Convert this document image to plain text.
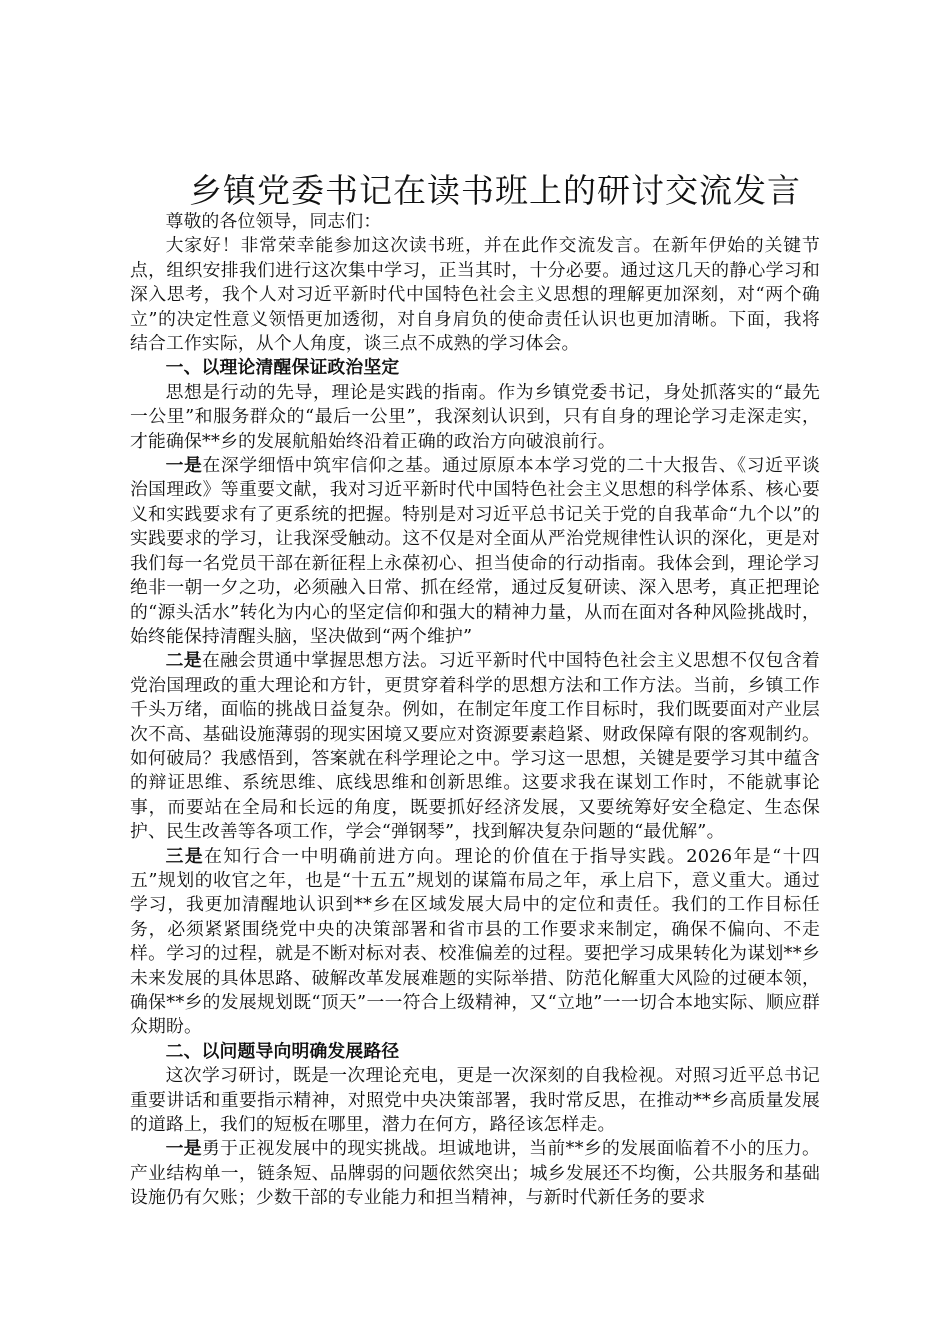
乡镇党委书记在读书班上的研讨交流发言

尊敬的各位领导，同志们：

大家好！非常荣幸能参加这次读书班，并在此作交流发言。在新年伊始的关键节点，组织安排我们进行这次集中学习，正当其时，十分必要。通过这几天的静心学习和深入思考，我个人对习近平新时代中国特色社会主义思想的理解更加深刻，对“两个确立”的决定性意义领悟更加透彻，对自身肩负的使命责任认识也更加清晰。下面，我将结合工作实际，从个人角度，谈三点不成熟的学习体会。

一、以理论清醒保证政治坚定

思想是行动的先导，理论是实践的指南。作为乡镇党委书记，身处抓落实的“最先一公里”和服务群众的“最后一公里”，我深刻认识到，只有自身的理论学习走深走实，才能确保**乡的发展航船始终沿着正确的政治方向破浪前行。

一是在深学细悟中筑牢信仰之基。通过原原本本学习党的二十大报告、《习近平谈治国理政》等重要文献，我对习近平新时代中国特色社会主义思想的科学体系、核心要义和实践要求有了更系统的把握。特别是对习近平总书记关于党的自我革命“九个以”的实践要求的学习，让我深受触动。这不仅是对全面从严治党规律性认识的深化，更是对我们每一名党员干部在新征程上永葆初心、担当使命的行动指南。我体会到，理论学习绝非一朝一夕之功，必须融入日常、抓在经常，通过反复研读、深入思考，真正把理论的“源头活水”转化为内心的坚定信仰和强大的精神力量，从而在面对各种风险挑战时，始终能保持清醒头脑，坚决做到“两个维护”

二是在融会贯通中掌握思想方法。习近平新时代中国特色社会主义思想不仅包含着党治国理政的重大理论和方针，更贯穿着科学的思想方法和工作方法。当前，乡镇工作千头万绪，面临的挑战日益复杂。例如，在制定年度工作目标时，我们既要面对产业层次不高、基础设施薄弱的现实困境又要应对资源要素趋紧、财政保障有限的客观制约。如何破局？我感悟到，答案就在科学理论之中。学习这一思想，关键是要学习其中蕴含的辩证思维、系统思维、底线思维和创新思维。这要求我在谋划工作时，不能就事论事，而要站在全局和长远的角度，既要抓好经济发展，又要统筹好安全稳定、生态保护、民生改善等各项工作，学会“弹钢琴”，找到解决复杂问题的“最优解”。

三是在知行合一中明确前进方向。理论的价值在于指导实践。2026年是“十四五”规划的收官之年，也是“十五五”规划的谋篇布局之年，承上启下，意义重大。通过学习，我更加清醒地认识到**乡在区域发展大局中的定位和责任。我们的工作目标任务，必须紧紧围绕党中央的决策部署和省市县的工作要求来制定，确保不偏向、不走样。学习的过程，就是不断对标对表、校准偏差的过程。要把学习成果转化为谋划**乡未来发展的具体思路、破解改革发展难题的实际举措、防范化解重大风险的过硬本领，确保**乡的发展规划既“顶天”一一符合上级精神，又“立地”一一切合本地实际、顺应群众期盼。

二、以问题导向明确发展路径

这次学习研讨，既是一次理论充电，更是一次深刻的自我检视。对照习近平总书记重要讲话和重要指示精神，对照党中央决策部署，我时常反思，在推动**乡高质量发展的道路上，我们的短板在哪里，潜力在何方，路径该怎样走。

一是勇于正视发展中的现实挑战。坦诚地讲，当前**乡的发展面临着不小的压力。产业结构单一，链条短、品牌弱的问题依然突出；城乡发展还不均衡，公共服务和基础设施仍有欠账；少数干部的专业能力和担当精神，与新时代新任务的要求
